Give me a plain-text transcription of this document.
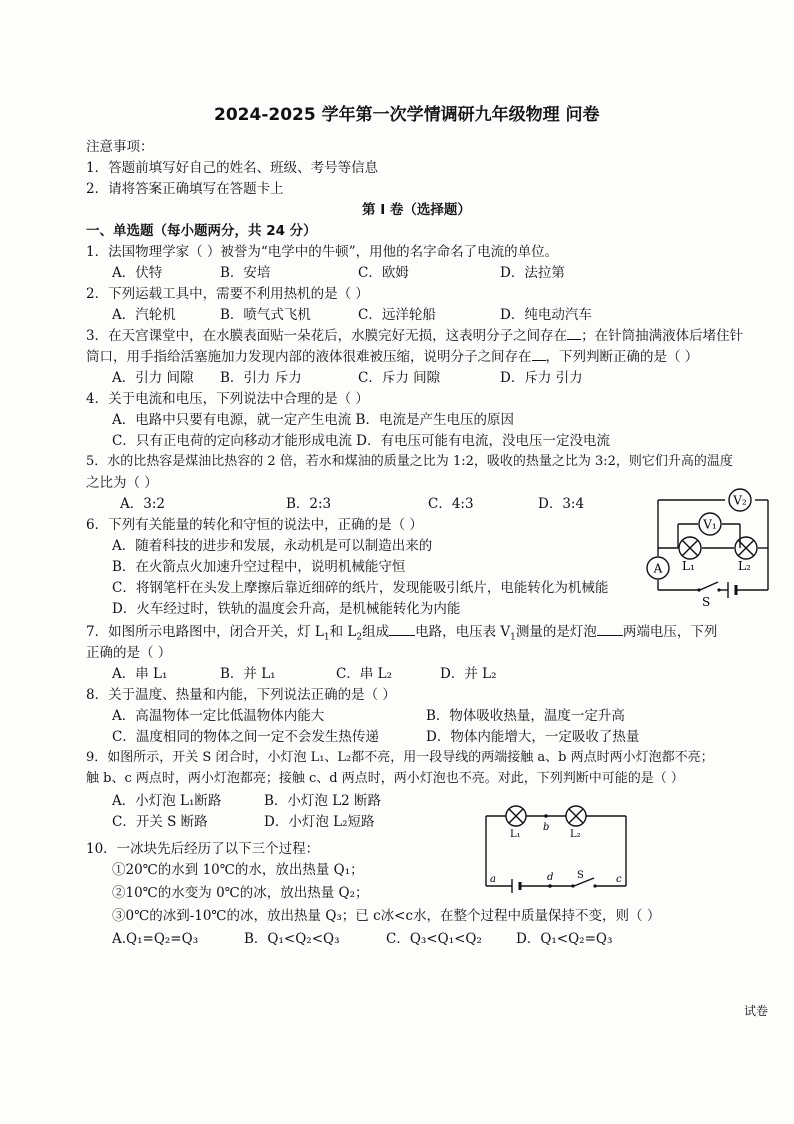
2024-2025 学年第一次学情调研九年级物理 问卷
注意事项：
1．答题前填写好自己的姓名、班级、考号等信息
2．请将答案正确填写在答题卡上
第 I 卷（选择题）
一、单选题（每小题两分，共 24 分）
1．法国物理学家（ ）被誉为“电学中的牛顿”，用他的名字命名了电流的单位。
A．伏特	B．安培	C．欧姆	D．法拉第
2．下列运载工具中，需要不利用热机的是（ ）
A．汽轮机	B．喷气式飞机	C．远洋轮船	D．纯电动汽车
3．在天宫课堂中，在水膜表面贴一朵花后，水膜完好无损，这表明分子之间存在 ；在针筒抽满液体后堵住针
筒口，用手指给活塞施加力发现内部的液体很难被压缩，说明分子之间存在 ，下列判断正确的是（ ）
A．引力 间隙 B．引力 斥力	C．斥力 间隙	D．斥力 引力
4．关于电流和电压，下列说法中合理的是（ ）
A．电路中只要有电源，就一定产生电流 B．电流是产生电压的原因
C．只有正电荷的定向移动才能形成电流 D．有电压可能有电流，没电压一定没电流
5．水的比热容是煤油比热容的 2 倍，若水和煤油的质量之比为 1:2，吸收的热量之比为 3:2，则它们升高的温度
之比为（ ）
A．3:2	B．2:3	C．4:3	D．3:4
6．下列有关能量的转化和守恒的说法中，正确的是（ ）
A．随着科技的进步和发展，永动机是可以制造出来的
B．在火箭点火加速升空过程中，说明机械能守恒
C．将钢笔杆在头发上摩擦后靠近细碎的纸片，发现能吸引纸片，电能转化为机械能
D．火车经过时，铁轨的温度会升高，是机械能转化为内能
V₂
V₁
A L₁	L₂
S
7．如图所示电路图中，闭合开关，灯 $L_1$和 $L_2$组成 电路，电压表 $V_1$测量的是灯泡 两端电压，下列
正确的是（ ）
A．串 L₁	B．并 L₁	C．串 L₂	D．并 L₂
8．关于温度、热量和内能，下列说法正确的是（ ）
A．高温物体一定比低温物体内能大	B．物体吸收热量，温度一定升高
C．温度相同的物体之间一定不会发生热传递	D．物体内能增大，一定吸收了热量
9．如图所示，开关 S 闭合时，小灯泡 L₁、L₂都不亮，用一段导线的两端接触 a、b 两点时两小灯泡都不亮；
触 b、c 两点时，两小灯泡都亮；接触 c、d 两点时，两小灯泡也不亮。对此，下列判断中可能的是（ ）
A．小灯泡 L₁断路	B．小灯泡 L2 断路
C．开关 S 断路	D．小灯泡 L₂短路
L₁	L₂
b
a	d S	c
10．一冰块先后经历了以下三个过程：
①20℃的水到 10℃的水，放出热量 Q₁；
②10℃的水变为 0℃的冰，放出热量 Q₂；
③0℃的冰到-10℃的冰，放出热量 Q₃；已 c冰<c水，在整个过程中质量保持不变，则（ ）
A.Q₁=Q₂=Q₃	B．Q₁<Q₂<Q₃	C．Q₃<Q₁<Q₂	D．Q₁<Q₂=Q₃
试卷
